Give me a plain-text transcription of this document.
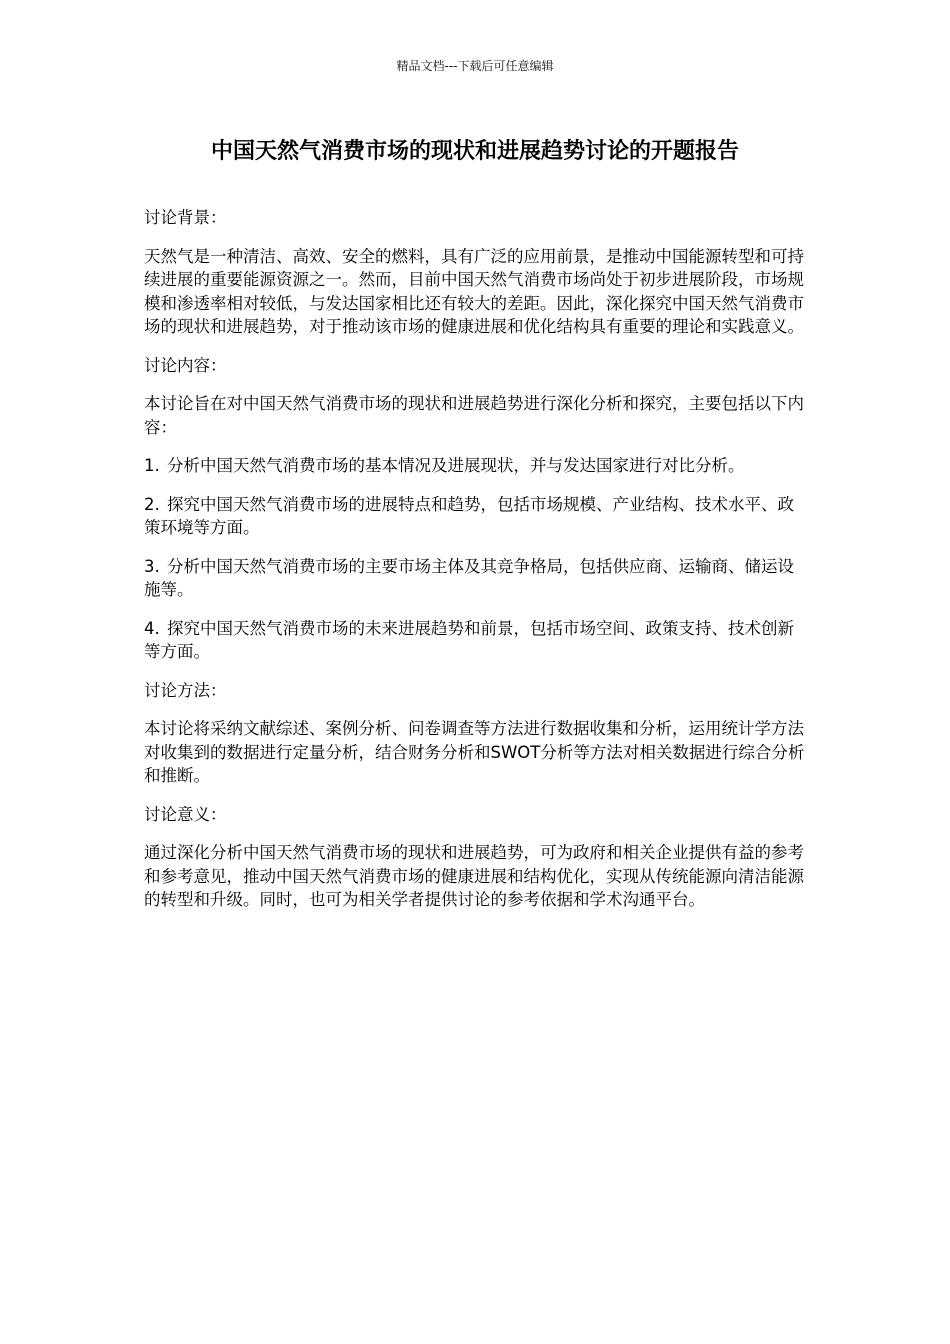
精品文档---下载后可任意编辑
中国天然气消费市场的现状和进展趋势讨论的开题报告

讨论背景：

天然气是一种清洁、高效、安全的燃料，具有广泛的应用前景，是推动中国能源转型和可持续进展的重要能源资源之一。然而，目前中国天然气消费市场尚处于初步进展阶段，市场规模和渗透率相对较低，与发达国家相比还有较大的差距。因此，深化探究中国天然气消费市场的现状和进展趋势，对于推动该市场的健康进展和优化结构具有重要的理论和实践意义。

讨论内容：

本讨论旨在对中国天然气消费市场的现状和进展趋势进行深化分析和探究，主要包括以下内容：

1. 分析中国天然气消费市场的基本情况及进展现状，并与发达国家进行对比分析。

2. 探究中国天然气消费市场的进展特点和趋势，包括市场规模、产业结构、技术水平、政策环境等方面。

3. 分析中国天然气消费市场的主要市场主体及其竞争格局，包括供应商、运输商、储运设施等。

4. 探究中国天然气消费市场的未来进展趋势和前景，包括市场空间、政策支持、技术创新等方面。

讨论方法：

本讨论将采纳文献综述、案例分析、问卷调查等方法进行数据收集和分析，运用统计学方法对收集到的数据进行定量分析，结合财务分析和SWOT分析等方法对相关数据进行综合分析和推断。

讨论意义：

通过深化分析中国天然气消费市场的现状和进展趋势，可为政府和相关企业提供有益的参考和参考意见，推动中国天然气消费市场的健康进展和结构优化，实现从传统能源向清洁能源的转型和升级。同时，也可为相关学者提供讨论的参考依据和学术沟通平台。
